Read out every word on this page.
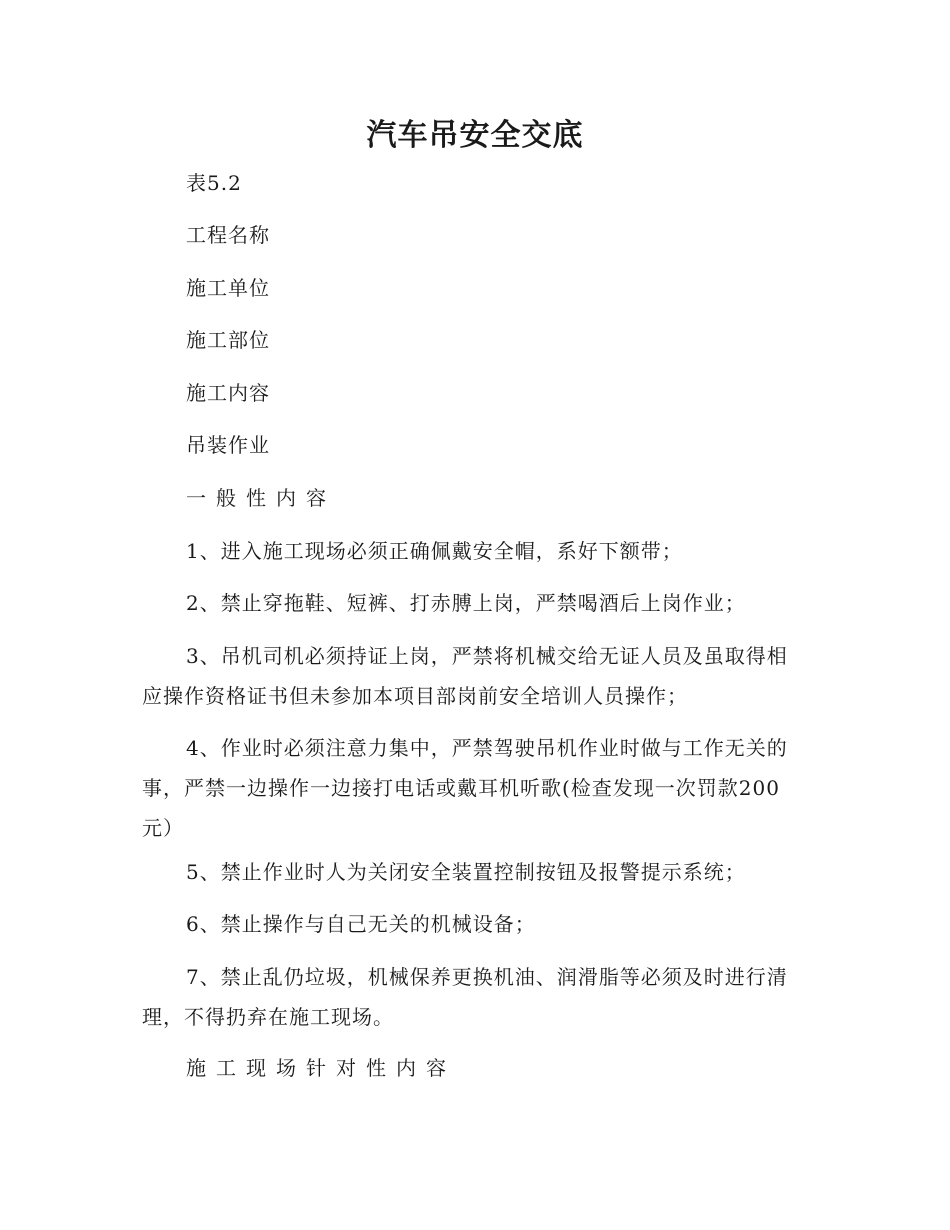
汽车吊安全交底

表5.2

工程名称

施工单位

施工部位

施工内容

吊装作业

一般性内容

1、进入施工现场必须正确佩戴安全帽，系好下额带；

2、禁止穿拖鞋、短裤、打赤膊上岗，严禁喝酒后上岗作业；

3、吊机司机必须持证上岗，严禁将机械交给无证人员及虽取得相应操作资格证书但未参加本项目部岗前安全培训人员操作；

4、作业时必须注意力集中，严禁驾驶吊机作业时做与工作无关的事，严禁一边操作一边接打电话或戴耳机听歌(检查发现一次罚款200元）

5、禁止作业时人为关闭安全装置控制按钮及报警提示系统；

6、禁止操作与自己无关的机械设备；

7、禁止乱仍垃圾，机械保养更换机油、润滑脂等必须及时进行清理，不得扔弃在施工现场。

施工现场针对性内容
